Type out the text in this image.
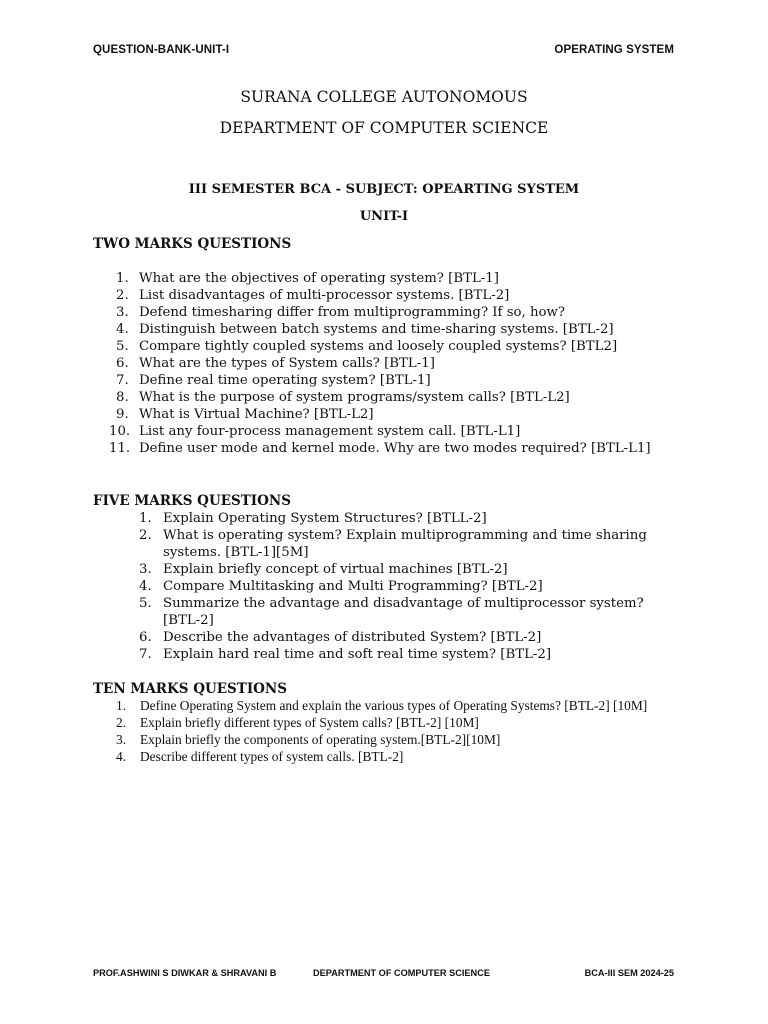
QUESTION-BANK-UNIT-I	OPERATING SYSTEM
SURANA COLLEGE AUTONOMOUS
DEPARTMENT OF COMPUTER SCIENCE
III SEMESTER BCA - SUBJECT: OPEARTING SYSTEM
UNIT-I
TWO MARKS QUESTIONS
1. What are the objectives of operating system? [BTL-1]
2. List disadvantages of multi-processor systems. [BTL-2]
3. Defend timesharing differ from multiprogramming? If so, how?
4. Distinguish between batch systems and time-sharing systems. [BTL-2]
5. Compare tightly coupled systems and loosely coupled systems? [BTL2]
6. What are the types of System calls? [BTL-1]
7. Define real time operating system? [BTL-1]
8. What is the purpose of system programs/system calls? [BTL-L2]
9. What is Virtual Machine? [BTL-L2]
10. List any four-process management system call. [BTL-L1]
11. Define user mode and kernel mode. Why are two modes required? [BTL-L1]
FIVE MARKS QUESTIONS
1. Explain Operating System Structures? [BTLL-2]
2. What is operating system? Explain multiprogramming and time sharing systems. [BTL-1][5M]
3. Explain briefly concept of virtual machines [BTL-2]
4. Compare Multitasking and Multi Programming? [BTL-2]
5. Summarize the advantage and disadvantage of multiprocessor system? [BTL-2]
6. Describe the advantages of distributed System? [BTL-2]
7. Explain hard real time and soft real time system? [BTL-2]
TEN MARKS QUESTIONS
1. Define Operating System and explain the various types of Operating Systems? [BTL-2] [10M]
2. Explain briefly different types of System calls? [BTL-2] [10M]
3. Explain briefly the components of operating system.[BTL-2][10M]
4. Describe different types of system calls. [BTL-2]
PROF.ASHWINI S DIWKAR & SHRAVANI B	DEPARTMENT OF COMPUTER SCIENCE	BCA-III SEM 2024-25
